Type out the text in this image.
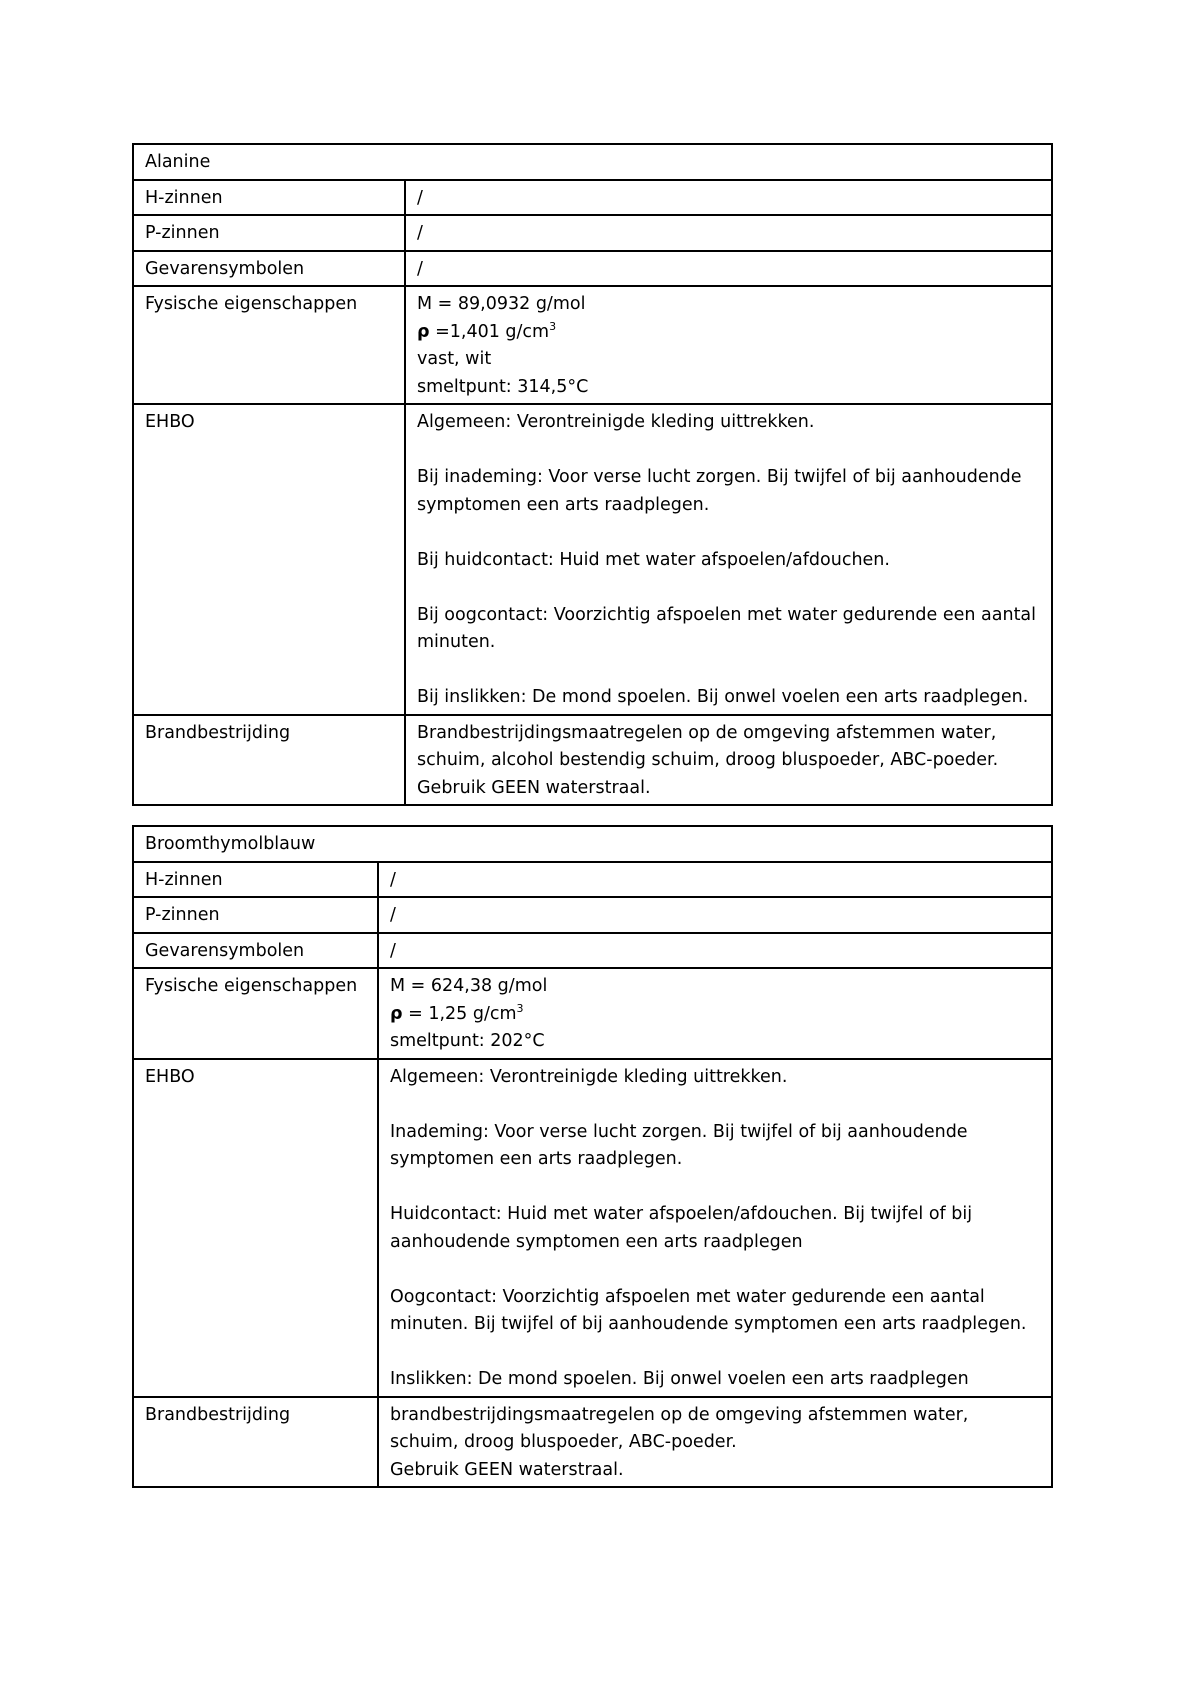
Alanine	
H-zinnen	/
P-zinnen	/
Gevarensymbolen	/
Fysische eigenschappen	M = 89,0932 g/mol
ρ =1,401 $g/cm^3$
vast, wit
smeltpunt: 314,5°C

EHBO	Algemeen: Verontreinigde kleding uittrekken.
Bij inademing: Voor verse lucht zorgen. Bij twijfel of bij aanhoudende symptomen een arts raadplegen.
Bij huidcontact: Huid met water afspoelen/afdouchen.
Bij oogcontact: Voorzichtig afspoelen met water gedurende een aantal minuten.
Bij inslikken: De mond spoelen. Bij onwel voelen een arts raadplegen.

Brandbestrijding	Brandbestrijdingsmaatregelen op de omgeving afstemmen water, schuim, alcohol bestendig schuim, droog bluspoeder, ABC-poeder.
Gebruik GEEN waterstraal.
Broomthymolblauw	
H-zinnen	/
P-zinnen	/
Gevarensymbolen	/
Fysische eigenschappen	M = 624,38 g/mol
ρ = 1,25 $g/cm^3$
smeltpunt: 202°C

EHBO	Algemeen: Verontreinigde kleding uittrekken.
Inademing: Voor verse lucht zorgen. Bij twijfel of bij aanhoudende symptomen een arts raadplegen.
Huidcontact: Huid met water afspoelen/afdouchen. Bij twijfel of bij aanhoudende symptomen een arts raadplegen
Oogcontact: Voorzichtig afspoelen met water gedurende een aantal minuten. Bij twijfel of bij aanhoudende symptomen een arts raadplegen.
Inslikken: De mond spoelen. Bij onwel voelen een arts raadplegen

Brandbestrijding	brandbestrijdingsmaatregelen op de omgeving afstemmen water, schuim, droog bluspoeder, ABC-poeder.
Gebruik GEEN waterstraal.
